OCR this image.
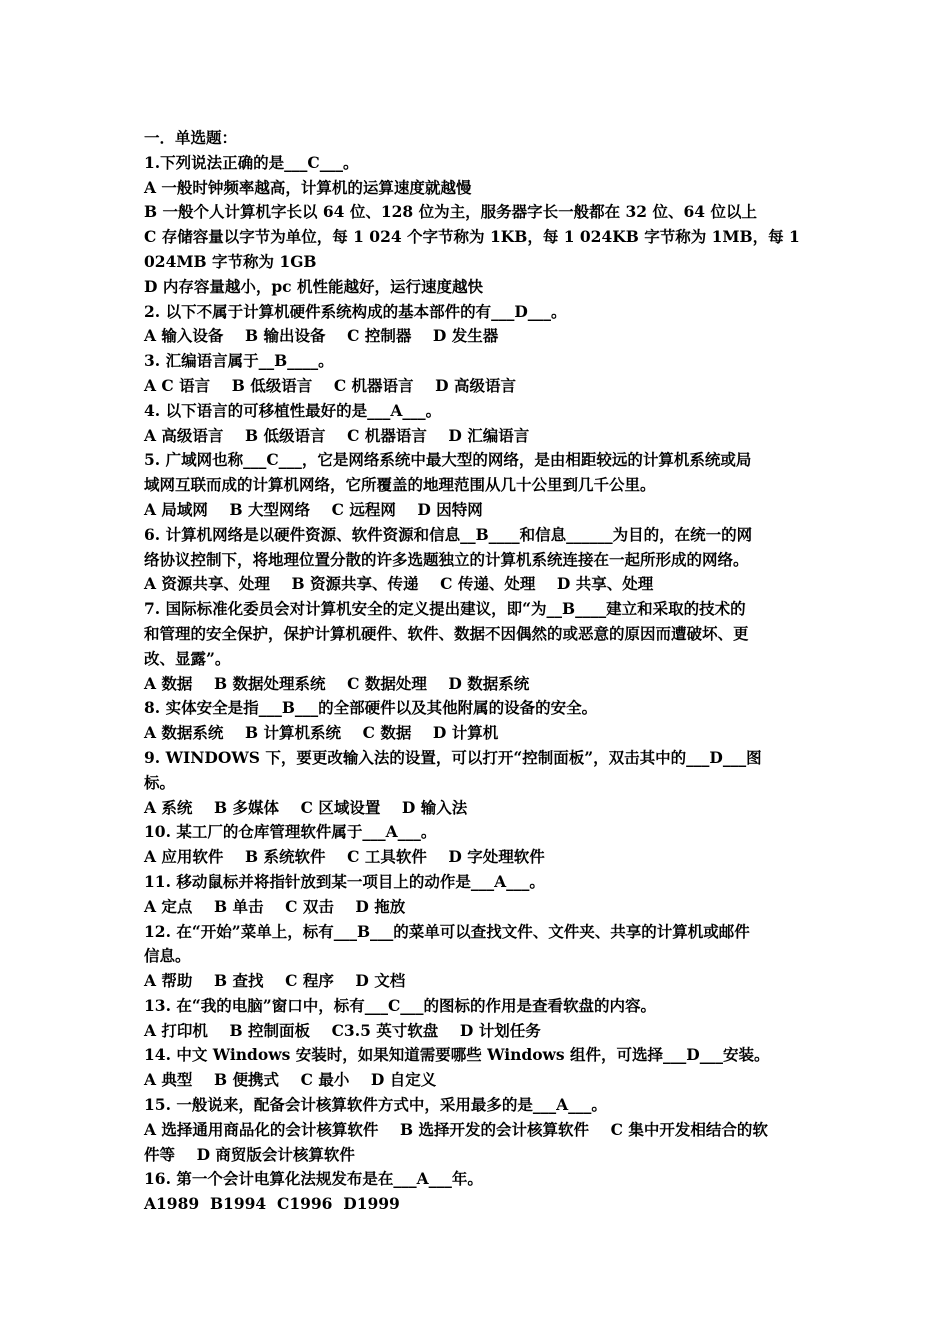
一．单选题：
1.下列说法正确的是___C___。
A 一般时钟频率越高，计算机的运算速度就越慢
B 一般个人计算机字长以 64 位、128 位为主，服务器字长一般都在 32 位、64 位以上
C 存储容量以字节为单位，每 1 024 个字节称为 1KB，每 1 024KB 字节称为 1MB，每 1
024MB 字节称为 1GB
D 内存容量越小，pc 机性能越好，运行速度越快
2. 以下不属于计算机硬件系统构成的基本部件的有___D___。
A 输入设备    B 输出设备    C 控制器    D 发生器
3. 汇编语言属于__B____。
A C 语言    B 低级语言    C 机器语言    D 高级语言
4. 以下语言的可移植性最好的是___A___。
A 高级语言    B 低级语言    C 机器语言    D 汇编语言
5. 广域网也称___C___，它是网络系统中最大型的网络，是由相距较远的计算机系统或局
域网互联而成的计算机网络，它所覆盖的地理范围从几十公里到几千公里。
A 局域网    B 大型网络    C 远程网    D 因特网
6. 计算机网络是以硬件资源、软件资源和信息__B____和信息______为目的，在统一的网
络协议控制下，将地理位置分散的许多选题独立的计算机系统连接在一起所形成的网络。
A 资源共享、处理    B 资源共享、传递    C 传递、处理    D 共享、处理
7. 国际标准化委员会对计算机安全的定义提出建议，即“为__B____建立和采取的技术的
和管理的安全保护，保护计算机硬件、软件、数据不因偶然的或恶意的原因而遭破坏、更
改、显露”。
A 数据    B 数据处理系统    C 数据处理    D 数据系统
8. 实体安全是指___B___的全部硬件以及其他附属的设备的安全。
A 数据系统    B 计算机系统    C 数据    D 计算机
9. WINDOWS 下，要更改输入法的设置，可以打开“控制面板”，双击其中的___D___图
标。
A 系统    B 多媒体    C 区域设置    D 输入法
10. 某工厂的仓库管理软件属于___A___。
A 应用软件    B 系统软件    C 工具软件    D 字处理软件
11. 移动鼠标并将指针放到某一项目上的动作是___A___。
A 定点    B 单击    C 双击    D 拖放
12. 在“开始”菜单上，标有___B___的菜单可以查找文件、文件夹、共享的计算机或邮件
信息。
A 帮助    B 查找    C 程序    D 文档
13. 在“我的电脑”窗口中，标有___C___的图标的作用是查看软盘的内容。
A 打印机    B 控制面板    C3.5 英寸软盘    D 计划任务
14. 中文 Windows 安装时，如果知道需要哪些 Windows 组件，可选择___D___安装。
A 典型    B 便携式    C 最小    D 自定义
15. 一般说来，配备会计核算软件方式中，采用最多的是___A___。
A 选择通用商品化的会计核算软件    B 选择开发的会计核算软件    C 集中开发相结合的软
件等    D 商贸版会计核算软件
16. 第一个会计电算化法规发布是在___A___年。
A1989  B1994  C1996  D1999
